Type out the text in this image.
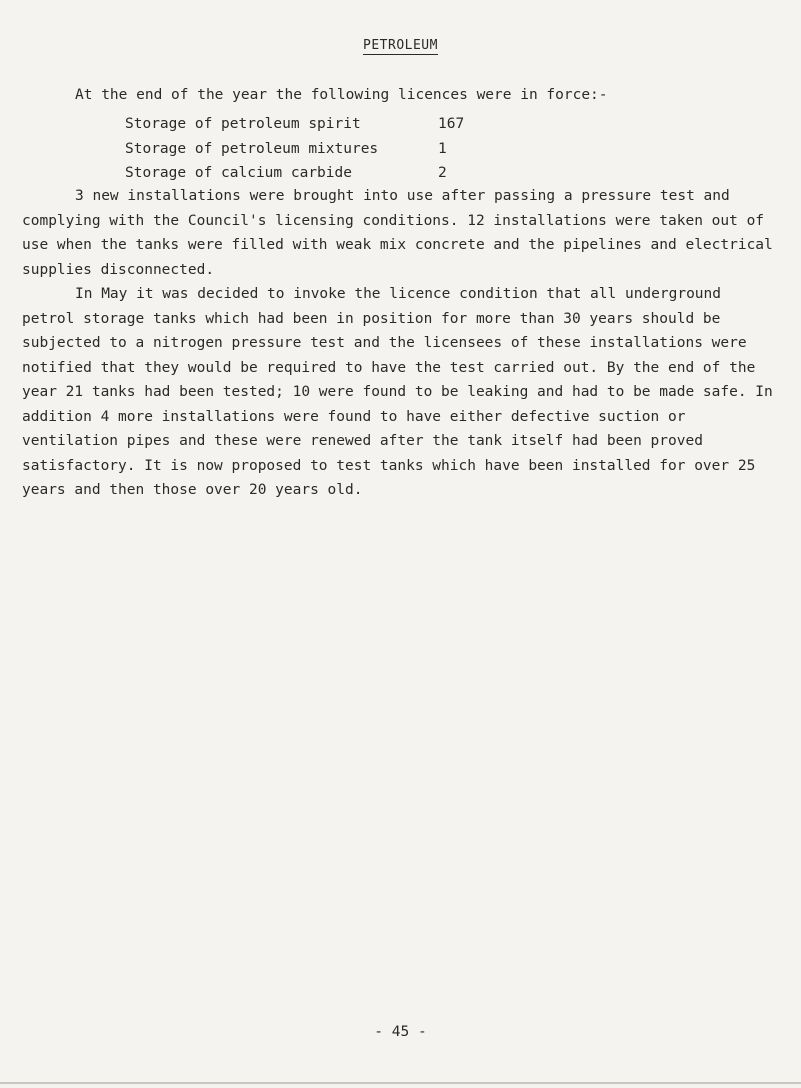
PETROLEUM
At the end of the year the following licences were in force:-
Storage of petroleum spirit	167
Storage of petroleum mixtures	1
Storage of calcium carbide	2

3 new installations were brought into use after passing a pressure test and complying with the Council's licensing conditions. 12 installations were taken out of use when the tanks were filled with weak mix concrete and the pipelines and electrical supplies disconnected.

In May it was decided to invoke the licence condition that all underground petrol storage tanks which had been in position for more than 30 years should be subjected to a nitrogen pressure test and the licensees of these installations were notified that they would be required to have the test carried out. By the end of the year 21 tanks had been tested; 10 were found to be leaking and had to be made safe. In addition 4 more installations were found to have either defective suction or ventilation pipes and these were renewed after the tank itself had been proved satisfactory. It is now proposed to test tanks which have been installed for over 25 years and then those over 20 years old.

- 45 -
